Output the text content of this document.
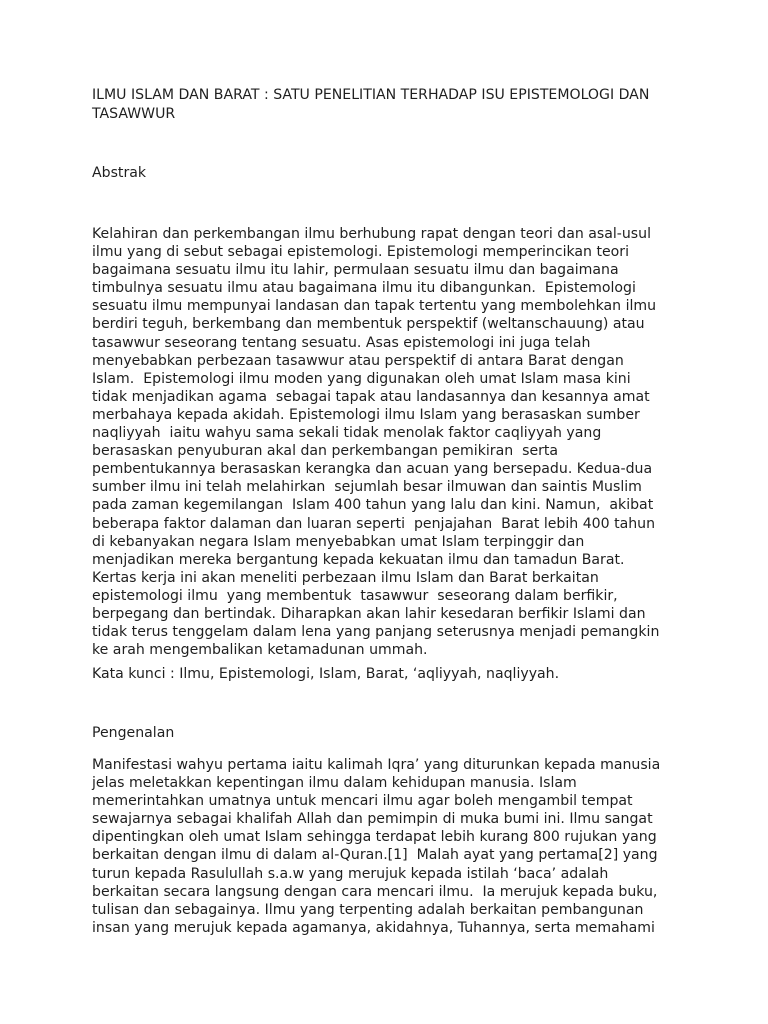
ILMU ISLAM DAN BARAT : SATU PENELITIAN TERHADAP ISU EPISTEMOLOGI DAN
TASAWWUR
Abstrak
Kelahiran dan perkembangan ilmu berhubung rapat dengan teori dan asal-usul
ilmu yang di sebut sebagai epistemologi. Epistemologi memperincikan teori
bagaimana sesuatu ilmu itu lahir, permulaan sesuatu ilmu dan bagaimana
timbulnya sesuatu ilmu atau bagaimana ilmu itu dibangunkan.  Epistemologi
sesuatu ilmu mempunyai landasan dan tapak tertentu yang membolehkan ilmu
berdiri teguh, berkembang dan membentuk perspektif (weltanschauung) atau
tasawwur seseorang tentang sesuatu. Asas epistemologi ini juga telah
menyebabkan perbezaan tasawwur atau perspektif di antara Barat dengan
Islam.  Epistemologi ilmu moden yang digunakan oleh umat Islam masa kini
tidak menjadikan agama  sebagai tapak atau landasannya dan kesannya amat
merbahaya kepada akidah. Epistemologi ilmu Islam yang berasaskan sumber
naqliyyah  iaitu wahyu sama sekali tidak menolak faktor caqliyyah yang
berasaskan penyuburan akal dan perkembangan pemikiran  serta
pembentukannya berasaskan kerangka dan acuan yang bersepadu. Kedua-dua
sumber ilmu ini telah melahirkan  sejumlah besar ilmuwan dan saintis Muslim
pada zaman kegemilangan  Islam 400 tahun yang lalu dan kini. Namun,  akibat
beberapa faktor dalaman dan luaran seperti  penjajahan  Barat lebih 400 tahun
di kebanyakan negara Islam menyebabkan umat Islam terpinggir dan
menjadikan mereka bergantung kepada kekuatan ilmu dan tamadun Barat.
Kertas kerja ini akan meneliti perbezaan ilmu Islam dan Barat berkaitan
epistemologi ilmu  yang membentuk  tasawwur  seseorang dalam berfikir,
berpegang dan bertindak. Diharapkan akan lahir kesedaran berfikir Islami dan
tidak terus tenggelam dalam lena yang panjang seterusnya menjadi pemangkin
ke arah mengembalikan ketamadunan ummah.

Kata kunci : Ilmu, Epistemologi, Islam, Barat, ‘aqliyyah, naqliyyah.

Pengenalan
Manifestasi wahyu pertama iaitu kalimah Iqra’ yang diturunkan kepada manusia
jelas meletakkan kepentingan ilmu dalam kehidupan manusia. Islam
memerintahkan umatnya untuk mencari ilmu agar boleh mengambil tempat
sewajarnya sebagai khalifah Allah dan pemimpin di muka bumi ini. Ilmu sangat
dipentingkan oleh umat Islam sehingga terdapat lebih kurang 800 rujukan yang
berkaitan dengan ilmu di dalam al-Quran.[1]  Malah ayat yang pertama[2] yang
turun kepada Rasulullah s.a.w yang merujuk kepada istilah ‘baca’ adalah
berkaitan secara langsung dengan cara mencari ilmu.  Ia merujuk kepada buku,
tulisan dan sebagainya. Ilmu yang terpenting adalah berkaitan pembangunan
insan yang merujuk kepada agamanya, akidahnya, Tuhannya, serta memahami
